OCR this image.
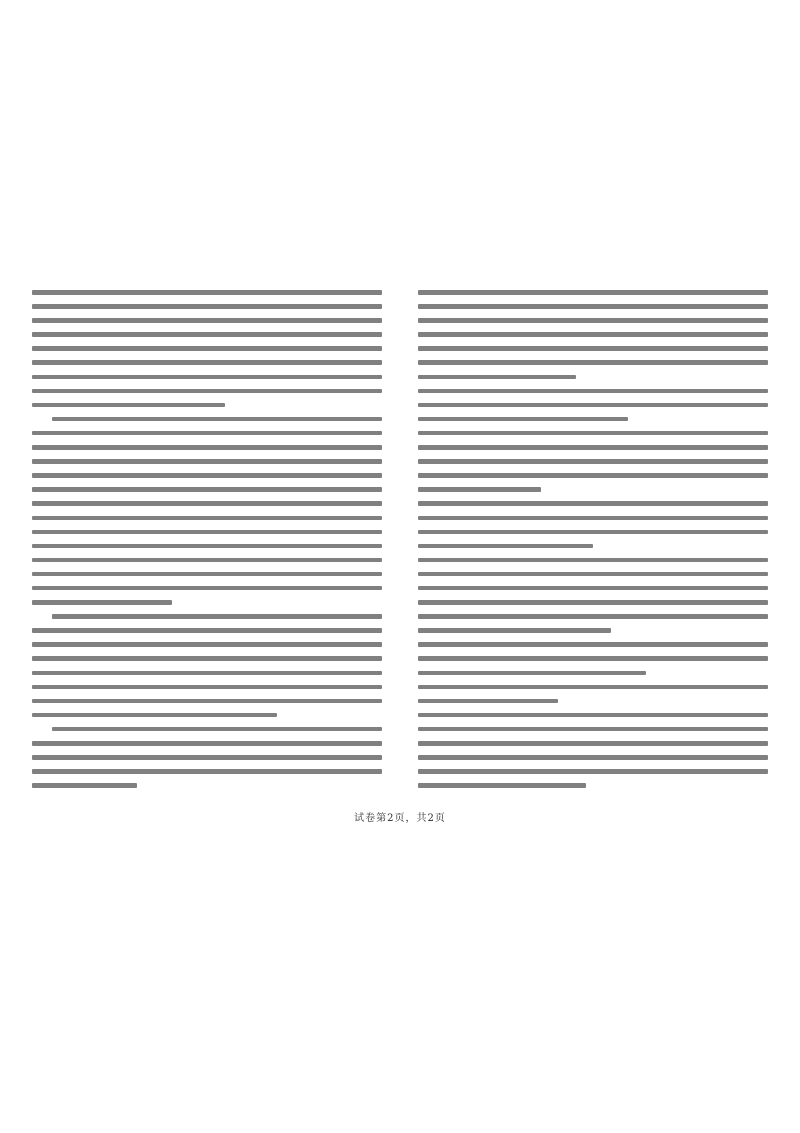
试卷第2页，共2页
